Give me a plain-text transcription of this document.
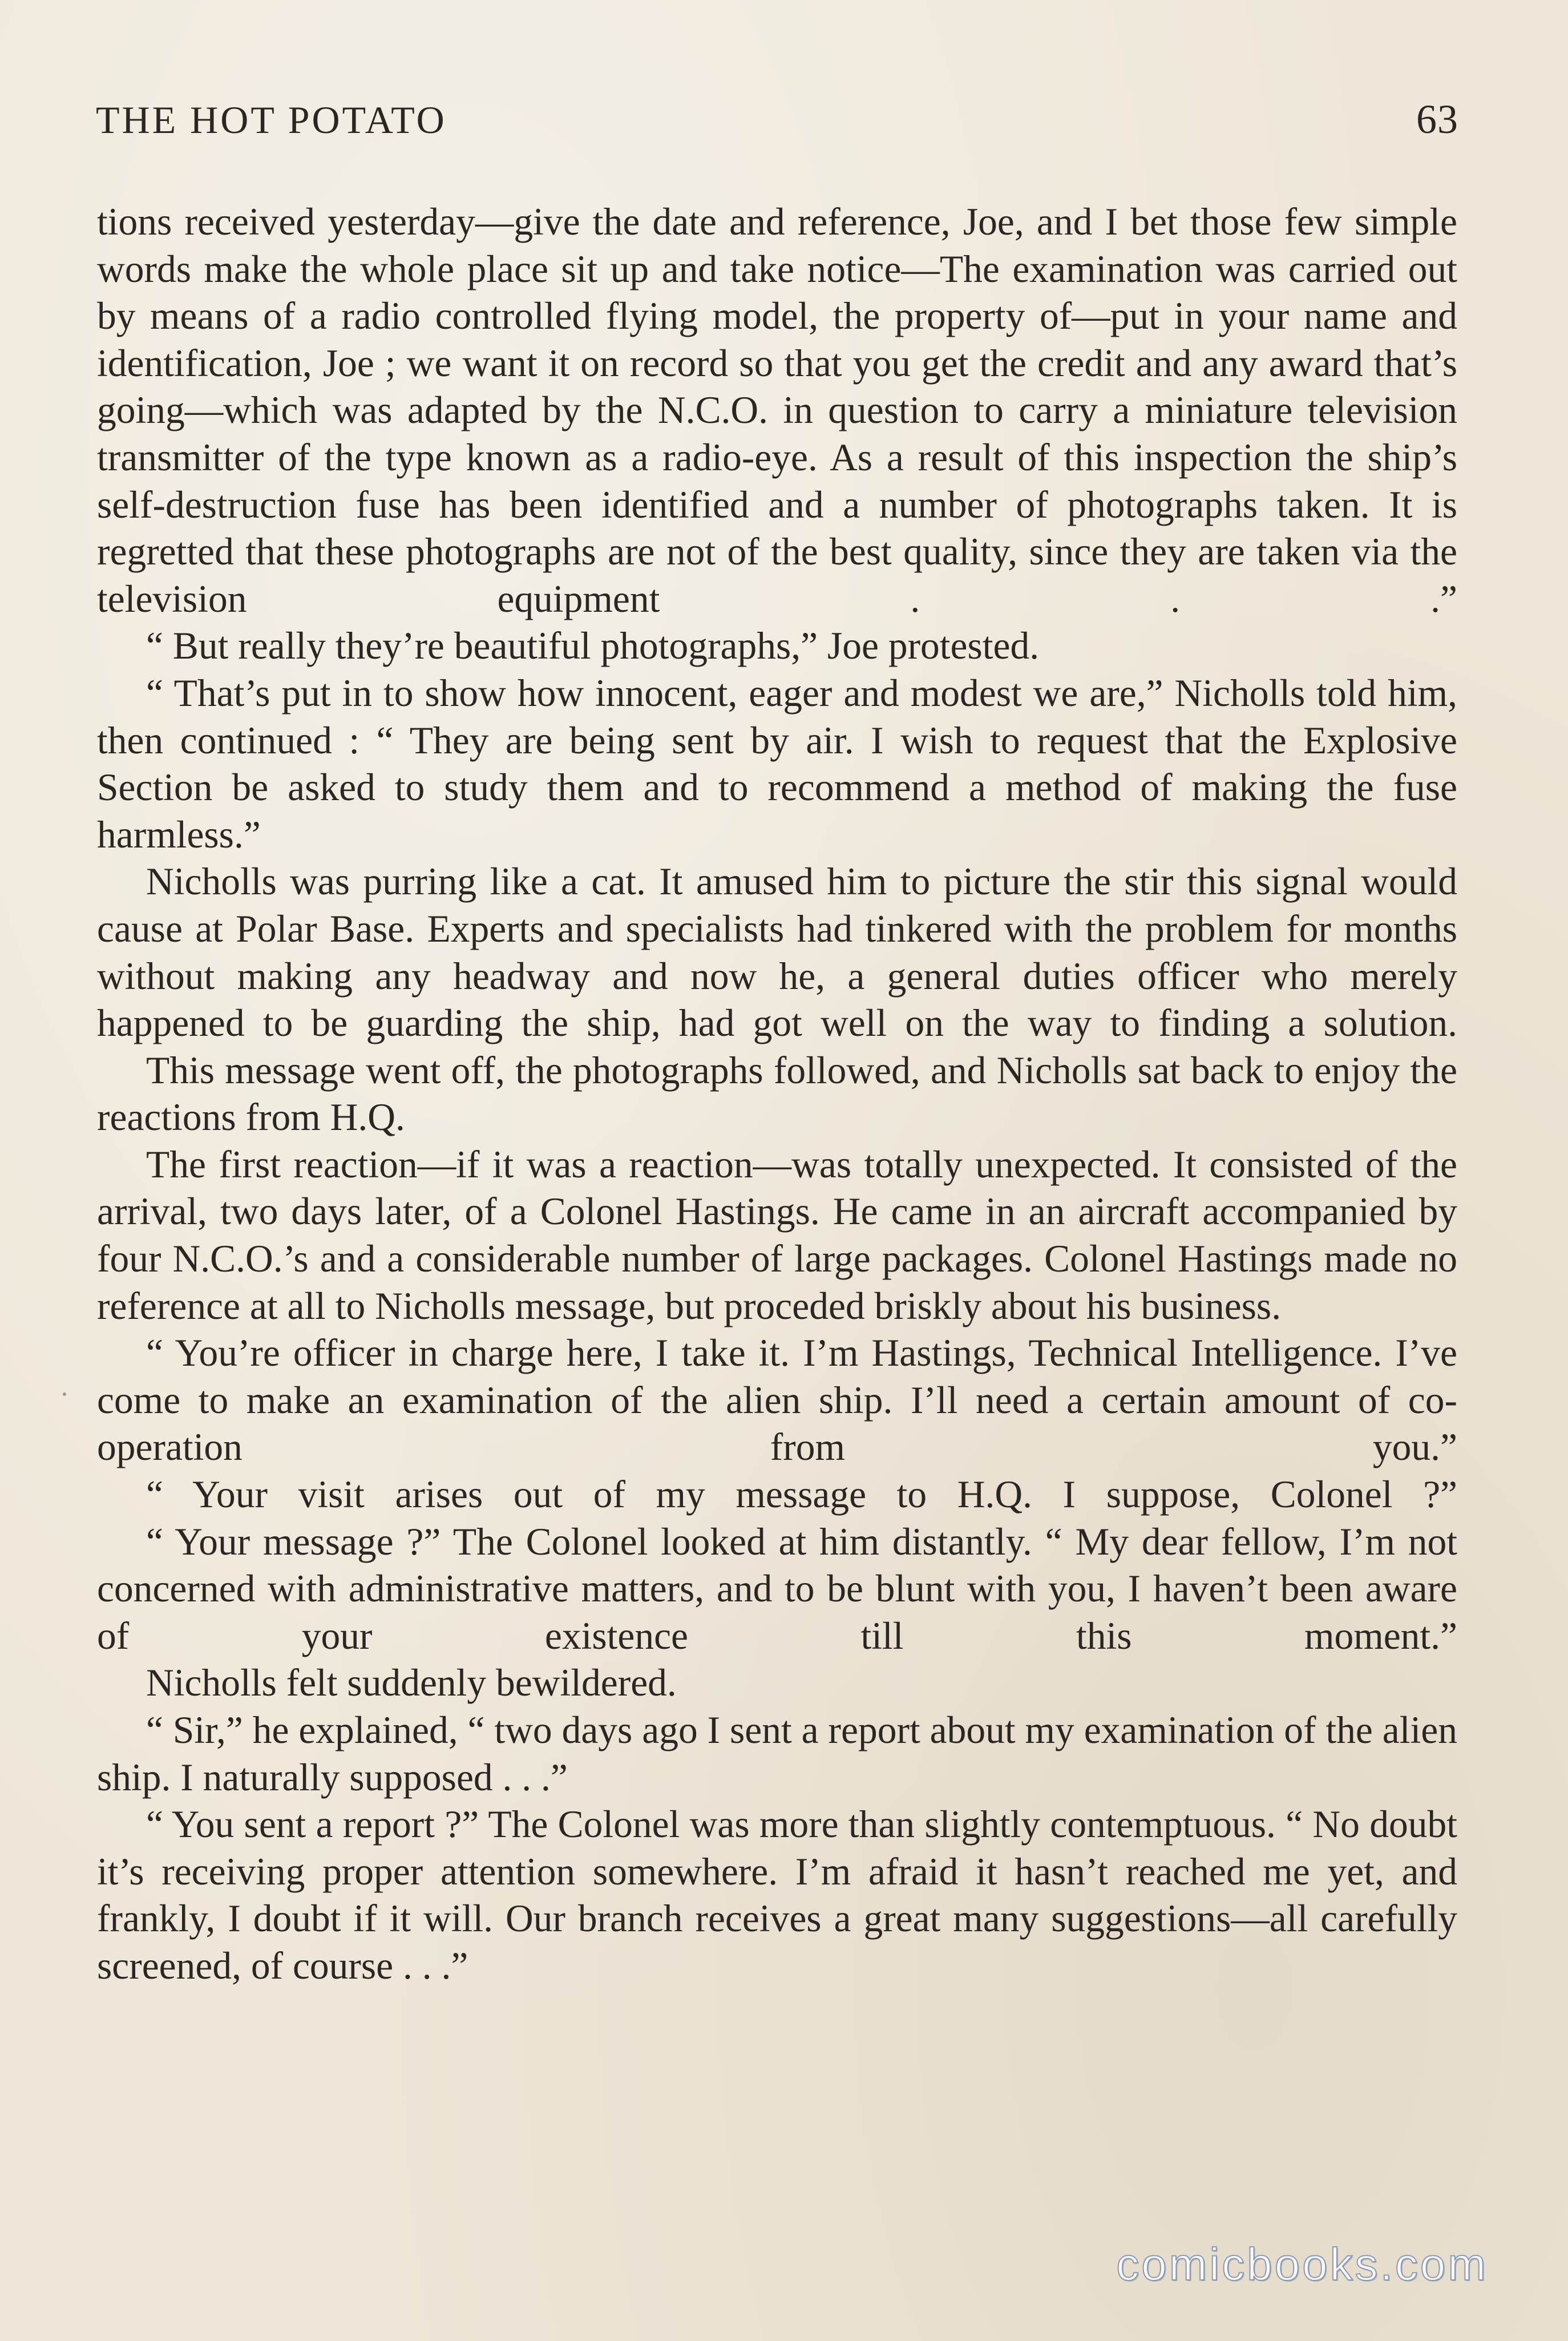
THE HOT POTATO	63

tions received yesterday—give the date and reference, Joe, and I bet those few simple words make the whole place sit up and take notice—The examination was carried out by means of a radio controlled flying model, the property of—put in your name and identification, Joe ; we want it on record so that you get the credit and any award that’s going—which was adapted by the N.C.O. in question to carry a miniature television transmitter of the type known as a radio-eye. As a result of this inspection the ship’s self-destruction fuse has been identified and a number of photographs taken. It is regretted that these photographs are not of the best quality, since they are taken via the television equipment . . .”

“ But really they’re beautiful photographs,” Joe protested.

“ That’s put in to show how innocent, eager and modest we are,” Nicholls told him, then continued : “ They are being sent by air. I wish to request that the Explosive Section be asked to study them and to recommend a method of making the fuse harmless.”

Nicholls was purring like a cat. It amused him to picture the stir this signal would cause at Polar Base. Experts and specialists had tinkered with the problem for months without making any headway and now he, a general duties officer who merely happened to be guarding the ship, had got well on the way to finding a solution.

This message went off, the photographs followed, and Nicholls sat back to enjoy the reactions from H.Q.

The first reaction—if it was a reaction—was totally unexpected. It consisted of the arrival, two days later, of a Colonel Hastings. He came in an aircraft accompanied by four N.C.O.’s and a considerable number of large packages. Colonel Hastings made no reference at all to Nicholls message, but proceded briskly about his business.

“ You’re officer in charge here, I take it. I’m Hastings, Technical Intelligence. I’ve come to make an examination of the alien ship. I’ll need a certain amount of co-operation from you.”

“ Your visit arises out of my message to H.Q. I suppose, Colonel ?”

“ Your message ?” The Colonel looked at him distantly. “ My dear fellow, I’m not concerned with administrative matters, and to be blunt with you, I haven’t been aware of your existence till this moment.”

Nicholls felt suddenly bewildered.

“ Sir,” he explained, “ two days ago I sent a report about my examination of the alien ship. I naturally supposed . . .”

“ You sent a report ?” The Colonel was more than slightly contemptuous. “ No doubt it’s receiving proper attention somewhere. I’m afraid it hasn’t reached me yet, and frankly, I doubt if it will. Our branch receives a great many suggestions—all carefully screened, of course . . .”

comicbooks.com
